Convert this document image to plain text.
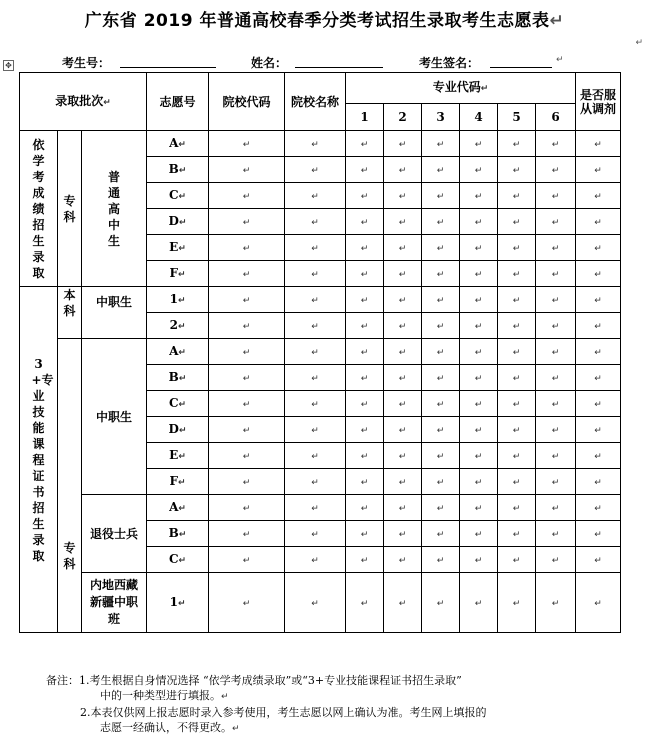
广东省 2019 年普通高校春季分类考试招生录取考生志愿表↵
↵
✥	考生号：	姓名：	考生签名：	↵
录取批次↵			志愿号	院校代码	院校名称	专业代码↵						是否服从调剂
						1	2	3	4	5	6	
依学考成绩招生录取	专科	普通高中生	A↵	↵	↵	↵	↵	↵	↵	↵	↵	↵
			B↵	↵	↵	↵	↵	↵	↵	↵	↵	↵
			C↵	↵	↵	↵	↵	↵	↵	↵	↵	↵
			D↵	↵	↵	↵	↵	↵	↵	↵	↵	↵
			E↵	↵	↵	↵	↵	↵	↵	↵	↵	↵
			F↵	↵	↵	↵	↵	↵	↵	↵	↵	↵
3+专业技能课程证书招生录取	本科	中职生	1↵	↵	↵	↵	↵	↵	↵	↵	↵	↵
			2↵	↵	↵	↵	↵	↵	↵	↵	↵	↵
	专科	中职生	A↵	↵	↵	↵	↵	↵	↵	↵	↵	↵
			B↵	↵	↵	↵	↵	↵	↵	↵	↵	↵
			C↵	↵	↵	↵	↵	↵	↵	↵	↵	↵
			D↵	↵	↵	↵	↵	↵	↵	↵	↵	↵
			E↵	↵	↵	↵	↵	↵	↵	↵	↵	↵
			F↵	↵	↵	↵	↵	↵	↵	↵	↵	↵
		退役士兵	A↵	↵	↵	↵	↵	↵	↵	↵	↵	↵
			B↵	↵	↵	↵	↵	↵	↵	↵	↵	↵
			C↵	↵	↵	↵	↵	↵	↵	↵	↵	↵
		内地西藏新疆中职班	1↵	↵	↵	↵	↵	↵	↵	↵	↵	↵
备注：1.考生根据自身情况选择 “依学考成绩录取”或“3+专业技能课程证书招生录取”
中的一种类型进行填报。↵
2.本表仅供网上报志愿时录入参考使用，考生志愿以网上确认为准。考生网上填报的
志愿一经确认，不得更改。↵
